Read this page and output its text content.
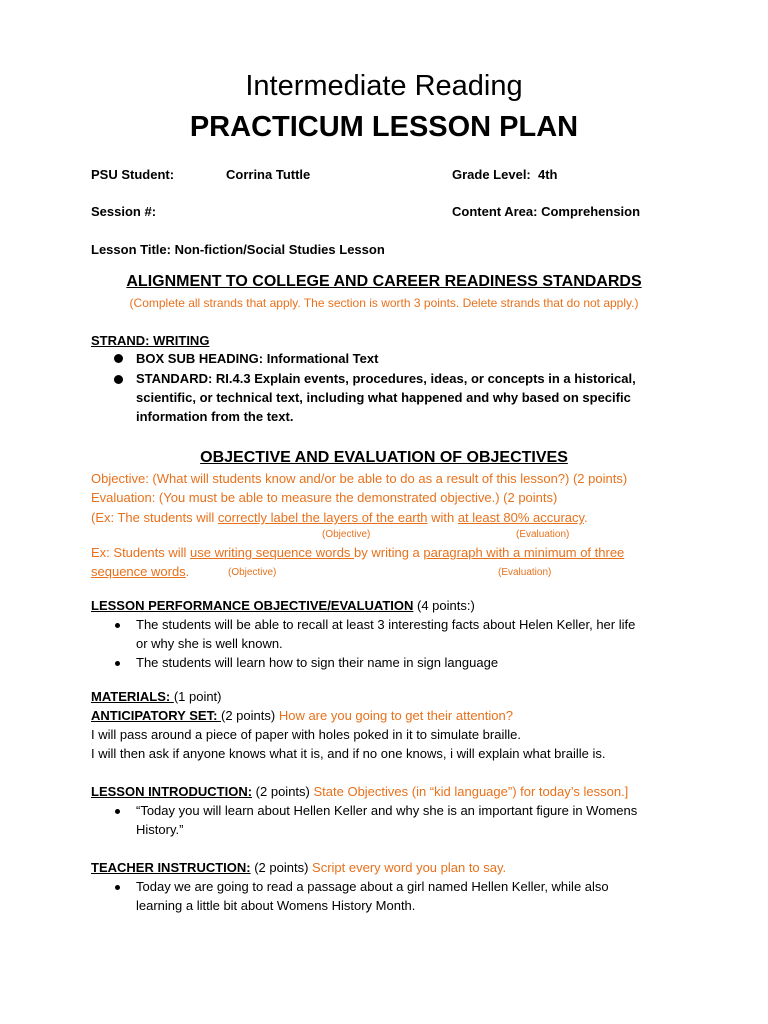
Intermediate Reading
PRACTICUM LESSON PLAN
PSU Student:	Corrina Tuttle	Grade Level: 4th
Session #:	Content Area: Comprehension
Lesson Title: Non-fiction/Social Studies Lesson
ALIGNMENT TO COLLEGE AND CAREER READINESS STANDARDS
(Complete all strands that apply. The section is worth 3 points. Delete strands that do not apply.)
STRAND: WRITING
BOX SUB HEADING: Informational Text
STANDARD: RI.4.3 Explain events, procedures, ideas, or concepts in a historical,
scientific, or technical text, including what happened and why based on specific
information from the text.
OBJECTIVE AND EVALUATION OF OBJECTIVES
Objective: (What will students know and/or be able to do as a result of this lesson?) (2 points)
Evaluation: (You must be able to measure the demonstrated objective.) (2 points)
(Ex: The students will correctly label the layers of the earth with at least 80% accuracy.
(Objective)	(Evaluation)
Ex: Students will use writing sequence words by writing a paragraph with a minimum of three
sequence words.	(Objective)	(Evaluation)
LESSON PERFORMANCE OBJECTIVE/EVALUATION (4 points:)
The students will be able to recall at least 3 interesting facts about Helen Keller, her life
or why she is well known.
The students will learn how to sign their name in sign language
MATERIALS: (1 point)
ANTICIPATORY SET: (2 points) How are you going to get their attention?
I will pass around a piece of paper with holes poked in it to simulate braille.
I will then ask if anyone knows what it is, and if no one knows, i will explain what braille is.
LESSON INTRODUCTION: (2 points) State Objectives (in “kid language”) for today’s lesson.]
“Today you will learn about Hellen Keller and why she is an important figure in Womens
History.”
TEACHER INSTRUCTION: (2 points) Script every word you plan to say.
Today we are going to read a passage about a girl named Hellen Keller, while also
learning a little bit about Womens History Month.
